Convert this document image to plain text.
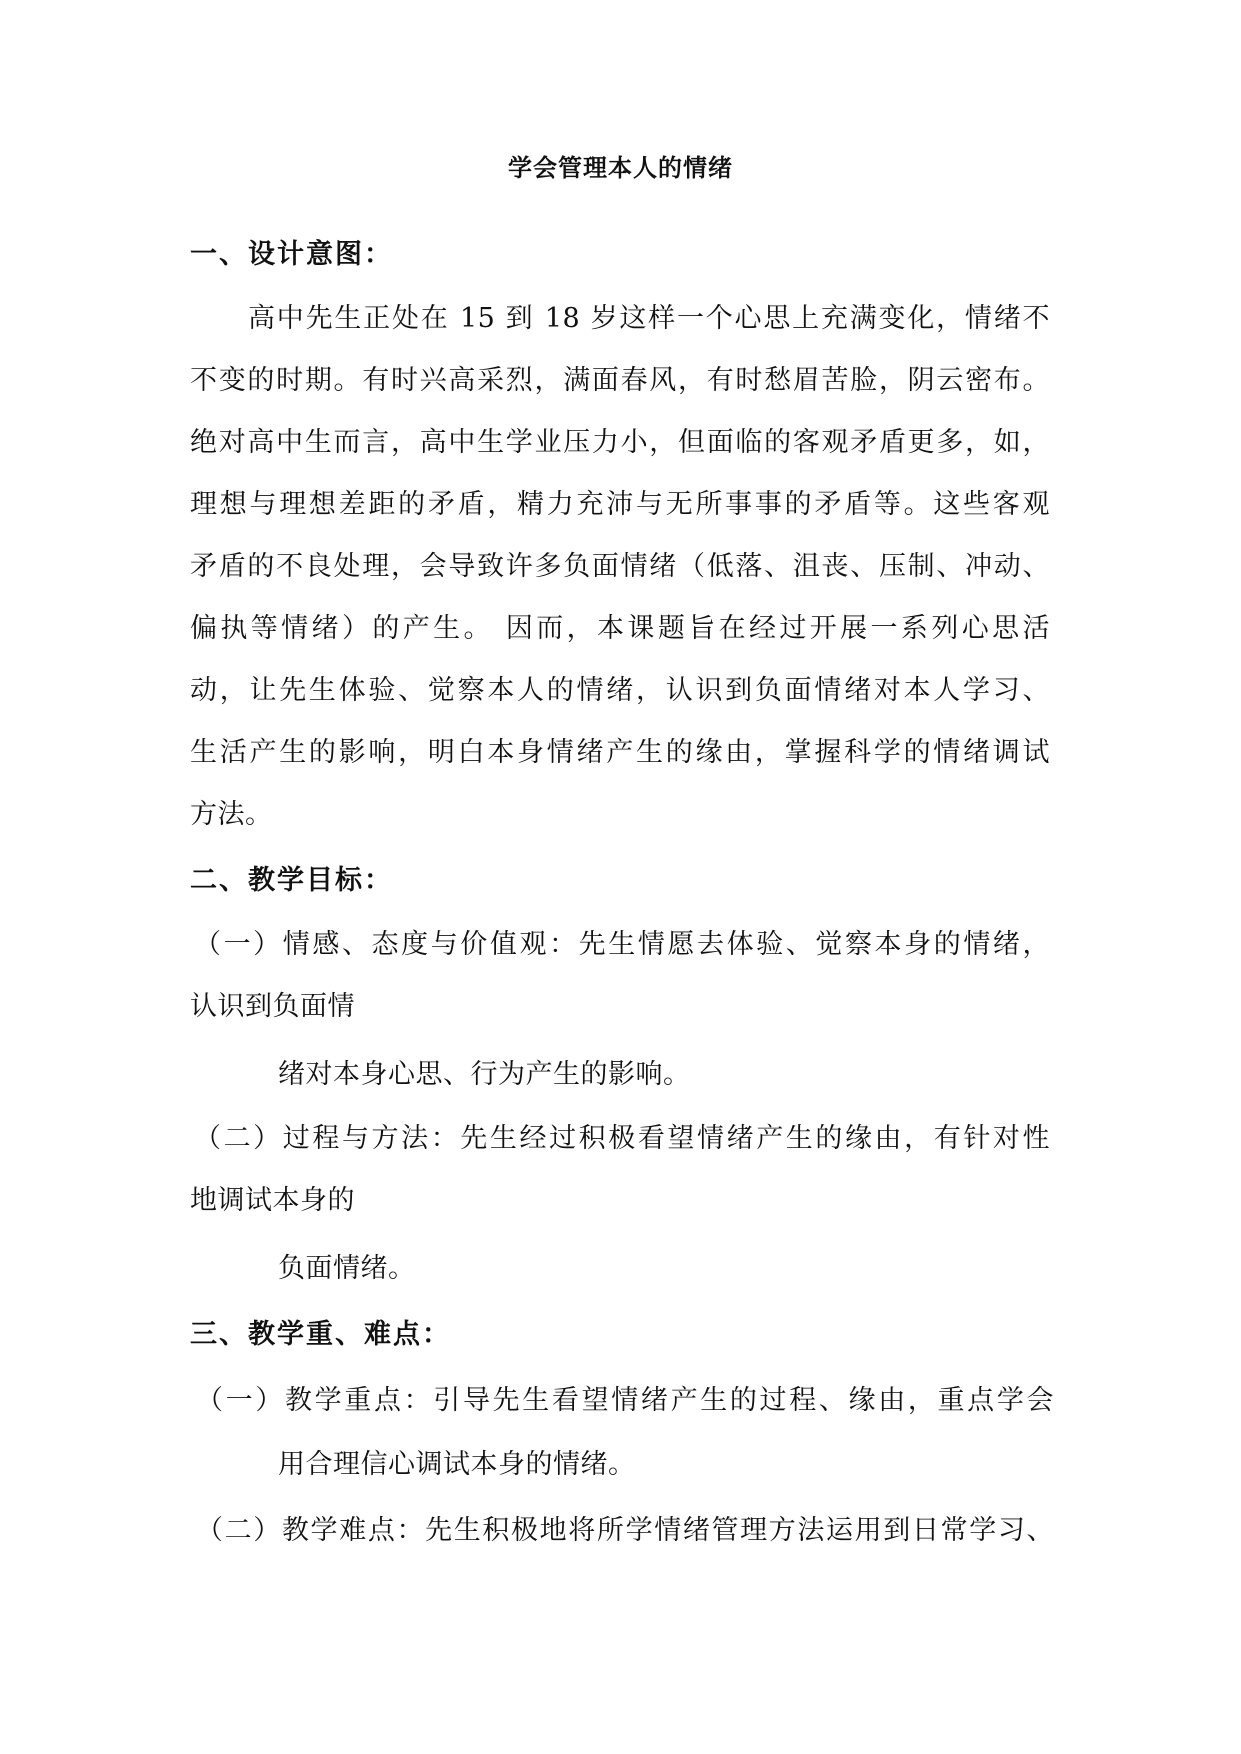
学会管理本人的情绪
一、设计意图：
高中先生正处在 15 到 18 岁这样一个心思上充满变化，情绪不
不变的时期。有时兴高采烈，满面春风，有时愁眉苦脸，阴云密布。
绝对高中生而言，高中生学业压力小，但面临的客观矛盾更多，如，
理想与理想差距的矛盾，精力充沛与无所事事的矛盾等。这些客观
矛盾的不良处理，会导致许多负面情绪（低落、沮丧、压制、冲动、
偏执等情绪）的产生。 因而，本课题旨在经过开展一系列心思活
动，让先生体验、觉察本人的情绪，认识到负面情绪对本人学习、
生活产生的影响，明白本身情绪产生的缘由，掌握科学的情绪调试
方法。
二、教学目标：
（一）情感、态度与价值观：先生情愿去体验、觉察本身的情绪，
认识到负面情
绪对本身心思、行为产生的影响。
（二）过程与方法：先生经过积极看望情绪产生的缘由，有针对性
地调试本身的
负面情绪。
三、教学重、难点：
（一）教学重点：引导先生看望情绪产生的过程、缘由，重点学会
用合理信心调试本身的情绪。
（二）教学难点：先生积极地将所学情绪管理方法运用到日常学习、
